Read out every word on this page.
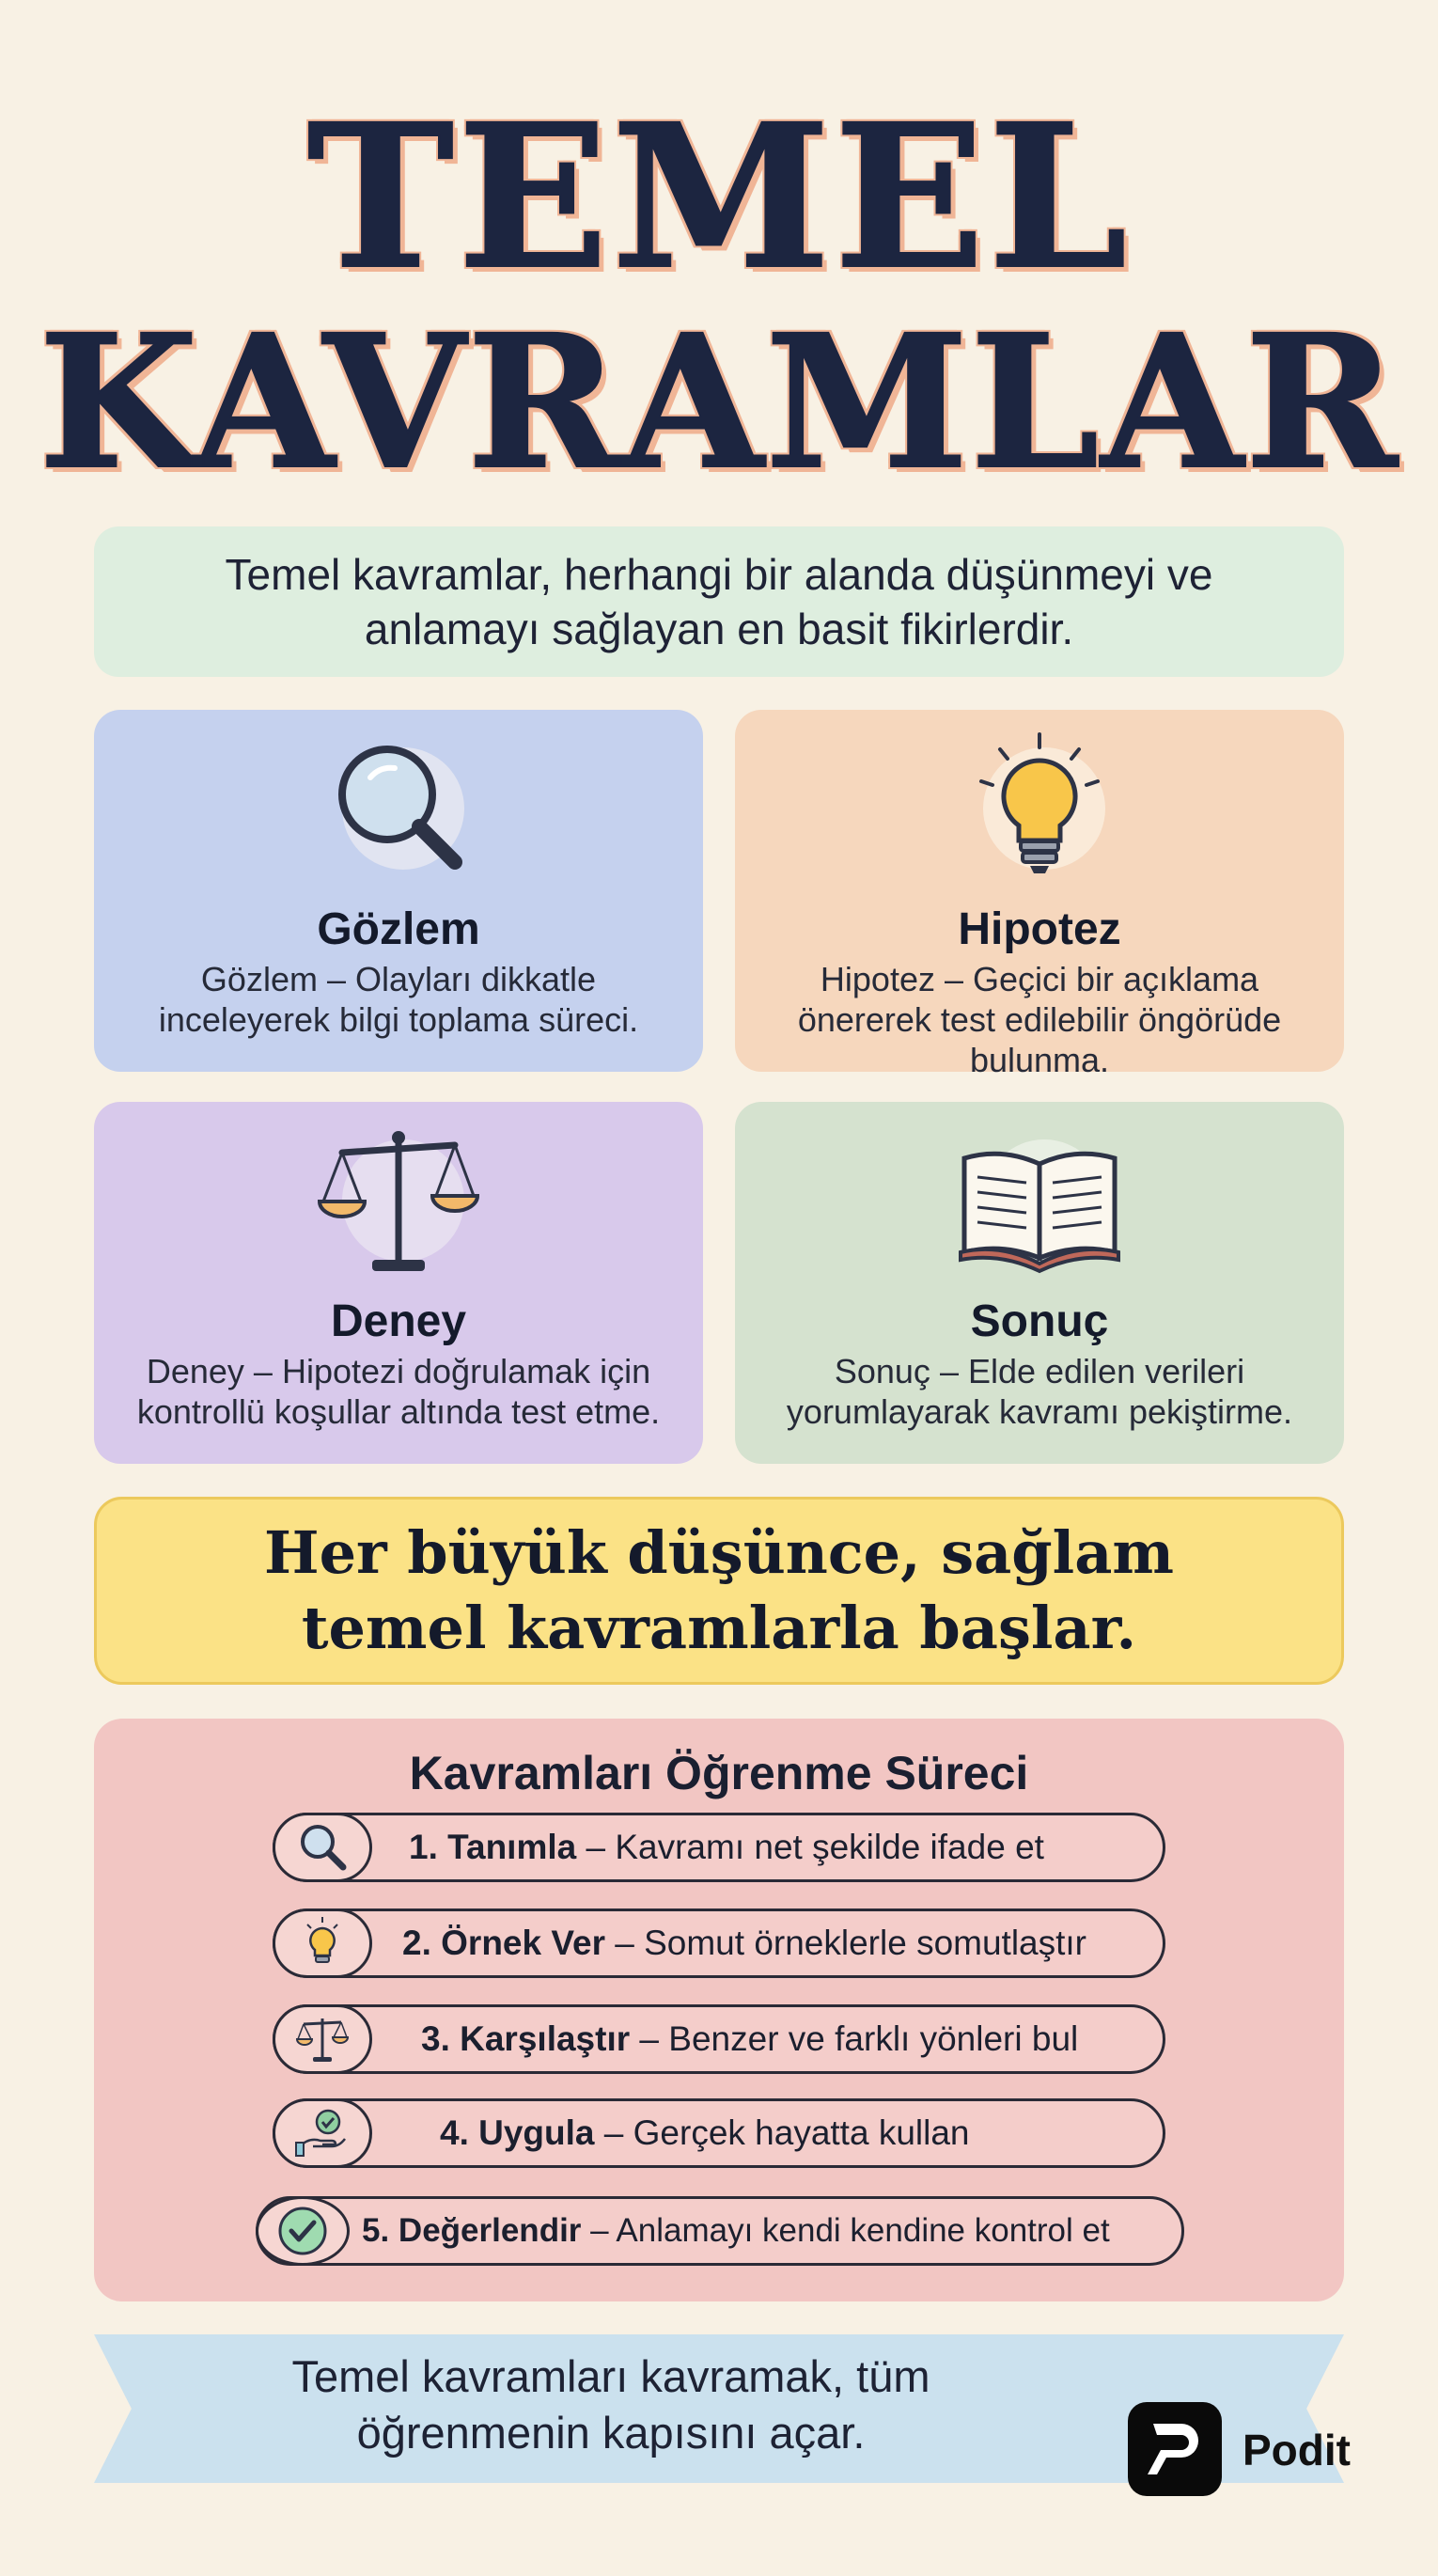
TEMEL
KAVRAMLAR
Temel kavramlar, herhangi bir alanda düşünmeyi ve anlamayı sağlayan en basit fikirlerdir.
Gözlem

Gözlem – Olayları dikkatle inceleyerek bilgi toplama süreci.

Hipotez

Hipotez – Geçici bir açıklama önererek test edilebilir öngörüde bulunma.

Deney

Deney – Hipotezi doğrulamak için kontrollü koşullar altında test etme.

Sonuç

Sonuç – Elde edilen verileri yorumlayarak kavramı pekiştirme.

Her büyük düşünce, sağlam temel kavramlarla başlar.
Kavramları Öğrenme Süreci
1. Tanımla – Kavramı net şekilde ifade et
2. Örnek Ver – Somut örneklerle somutlaştır
3. Karşılaştır – Benzer ve farklı yönleri bul
4. Uygula – Gerçek hayatta kullan
5. Değerlendir – Anlamayı kendi kendine kontrol et
Temel kavramları kavramak, tüm öğrenmenin kapısını açar.	Podit
